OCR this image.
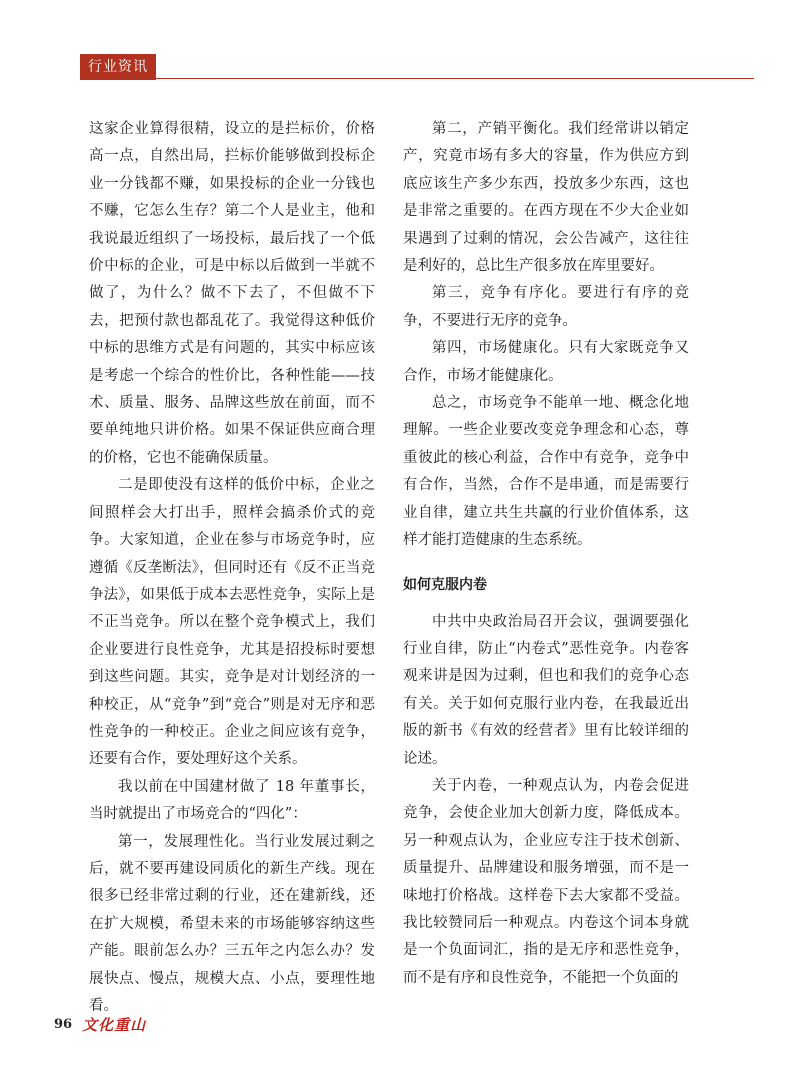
行业资讯

这家企业算得很精，设立的是拦标价，价格高一点，自然出局，拦标价能够做到投标企业一分钱都不赚，如果投标的企业一分钱也不赚，它怎么生存？第二个人是业主，他和我说最近组织了一场投标，最后找了一个低价中标的企业，可是中标以后做到一半就不做了，为什么？做不下去了，不但做不下去，把预付款也都乱花了。我觉得这种低价中标的思维方式是有问题的，其实中标应该是考虑一个综合的性价比，各种性能——技术、质量、服务、品牌这些放在前面，而不要单纯地只讲价格。如果不保证供应商合理的价格，它也不能确保质量。

二是即使没有这样的低价中标，企业之间照样会大打出手，照样会搞杀价式的竞争。大家知道，企业在参与市场竞争时，应遵循《反垄断法》，但同时还有《反不正当竞争法》，如果低于成本去恶性竞争，实际上是不正当竞争。所以在整个竞争模式上，我们企业要进行良性竞争，尤其是招投标时要想到这些问题。其实，竞争是对计划经济的一种校正，从“竞争”到“竞合”则是对无序和恶性竞争的一种校正。企业之间应该有竞争，还要有合作，要处理好这个关系。

我以前在中国建材做了 18 年董事长，当时就提出了市场竞合的“四化”：

第一，发展理性化。当行业发展过剩之后，就不要再建设同质化的新生产线。现在很多已经非常过剩的行业，还在建新线，还在扩大规模，希望未来的市场能够容纳这些产能。眼前怎么办？三五年之内怎么办？发展快点、慢点，规模大点、小点，要理性地看。

第二，产销平衡化。我们经常讲以销定产，究竟市场有多大的容量，作为供应方到底应该生产多少东西，投放多少东西，这也是非常之重要的。在西方现在不少大企业如果遇到了过剩的情况，会公告减产，这往往是利好的，总比生产很多放在库里要好。

第三，竞争有序化。要进行有序的竞争，不要进行无序的竞争。

第四，市场健康化。只有大家既竞争又合作，市场才能健康化。

总之，市场竞争不能单一地、概念化地理解。一些企业要改变竞争理念和心态，尊重彼此的核心利益，合作中有竞争，竞争中有合作，当然，合作不是串通，而是需要行业自律，建立共生共赢的行业价值体系，这样才能打造健康的生态系统。

如何克服内卷

中共中央政治局召开会议，强调要强化行业自律，防止“内卷式”恶性竞争。内卷客观来讲是因为过剩，但也和我们的竞争心态有关。关于如何克服行业内卷，在我最近出版的新书《有效的经营者》里有比较详细的论述。

关于内卷，一种观点认为，内卷会促进竞争，会使企业加大创新力度，降低成本。另一种观点认为，企业应专注于技术创新、质量提升、品牌建设和服务增强，而不是一味地打价格战。这样卷下去大家都不受益。我比较赞同后一种观点。内卷这个词本身就是一个负面词汇，指的是无序和恶性竞争，而不是有序和良性竞争，不能把一个负面的

96 文化重山
